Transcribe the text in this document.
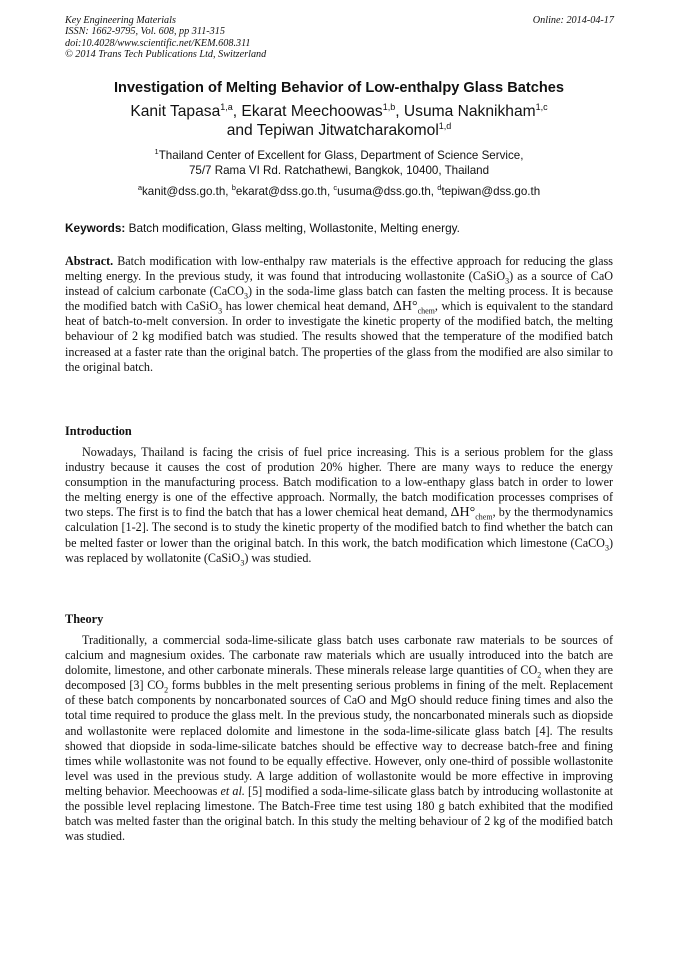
Key Engineering Materials
ISSN: 1662-9795, Vol. 608, pp 311-315
doi:10.4028/www.scientific.net/KEM.608.311
© 2014 Trans Tech Publications Ltd, Switzerland
Online: 2014-04-17
Investigation of Melting Behavior of Low-enthalpy Glass Batches
Kanit Tapasa$^{1,a}$, Ekarat Meechoowas$^{1,b}$, Usuma Naknikham$^{1,c}$
and Tepiwan Jitwatcharakomol$^{1,d}$
$^1$Thailand Center of Excellent for Glass, Department of Science Service,
75/7 Rama VI Rd. Ratchathewi, Bangkok, 10400, Thailand
$^a$kanit@dss.go.th, $^b$ekarat@dss.go.th, $^c$usuma@dss.go.th, $^d$tepiwan@dss.go.th
Keywords: Batch modification, Glass melting, Wollastonite, Melting energy.

Abstract. Batch modification with low-enthalpy raw materials is the effective approach for reducing the glass melting energy. In the previous study, it was found that introducing wollastonite (CaSiO$_3$) as a source of CaO instead of calcium carbonate (CaCO$_3$) in the soda-lime glass batch can fasten the melting process. It is because the modified batch with CaSiO$_3$ has lower chemical heat demand, $\Delta H^\circ_{chem}$, which is equivalent to the standard heat of batch-to-melt conversion. In order to investigate the kinetic property of the modified batch, the melting behaviour of 2 kg modified batch was studied. The results showed that the temperature of the modified batch increased at a faster rate than the original batch. The properties of the glass from the modified are also similar to the original batch.

Introduction

Nowadays, Thailand is facing the crisis of fuel price increasing. This is a serious problem for the glass industry because it causes the cost of prodution 20% higher. There are many ways to reduce the energy consumption in the manufacturing process. Batch modification to a low-enthapy glass batch in order to lower the melting energy is one of the effective approach. Normally, the batch modification processes comprises of two steps. The first is to find the batch that has a lower chemical heat demand, $\Delta H^\circ_{chem}$, by the thermodynamics calculation [1-2]. The second is to study the kinetic property of the modified batch to find whether the batch can be melted faster or lower than the original batch. In this work, the batch modification which limestone (CaCO$_3$) was replaced by wollatonite (CaSiO$_3$) was studied.

Theory

Traditionally, a commercial soda-lime-silicate glass batch uses carbonate raw materials to be sources of calcium and magnesium oxides. The carbonate raw materials which are usually introduced into the batch are dolomite, limestone, and other carbonate minerals. These minerals release large quantities of $CO_2$ when they are decomposed [3] $CO_2$ forms bubbles in the melt presenting serious problems in fining of the melt. Replacement of these batch components by noncarbonated sources of CaO and MgO should reduce fining times and also the total time required to produce the glass melt. In the previous study, the noncarbonated minerals such as diopside and wollastonite were replaced dolomite and limestone in the soda-lime-silicate glass batch [4]. The results showed that diopside in soda-lime-silicate batches should be effective way to decrease batch-free and fining times while wollastonite was not found to be equally effective. However, only one-third of possible wollastonite level was used in the previous study. A large addition of wollastonite would be more effective in improving melting behavior. Meechoowas et al. [5] modified a soda-lime-silicate glass batch by introducing wollastonite at the possible level replacing limestone. The Batch-Free time test using 180 g batch exhibited that the modified batch was melted faster than the original batch. In this study the melting behaviour of 2 kg of the modified batch was studied.
